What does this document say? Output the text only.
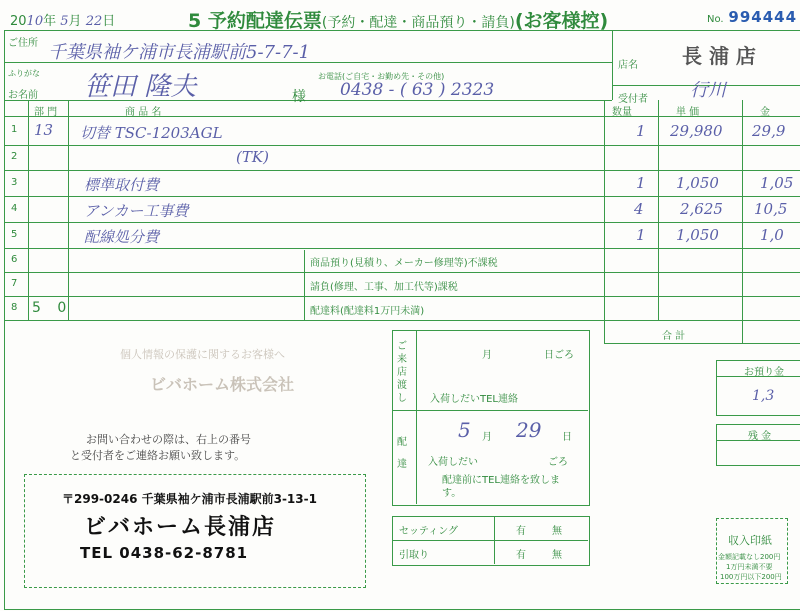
2010年 5月 22日	5 予約配達伝票(予約・配達・商品預り・請負)(お客様控)	No. 994444
ご住所 千葉県袖ケ浦市長浦駅前5-7-7-1
ふりがな
お名前 笹田 隆夫	様
お電話(ご自宅・お勤め先・その他)
0438 - ( 63 ) 2323
店名 長 浦 店
受付者 行川
部 門	商 品 名	数量	単 価	金
1 13 切替 TSC-1203AGL	1 29,980 29,9
2	(TK)
3	標準取付費	1 1,050	1,05
4	アンカー工事費	4 2,625 10,5
5	配線処分費	1 1,050	1,0
6	商品預り(見積り、メーカー修理等)不課税
7	請負(修理、工事、加工代等)課税
8 5 0	配達料(配達料1万円未満)
合 計
お預り金
1,3
残 金
ご来店渡し
月	日ごろ
入荷しだいTEL連絡
配達
5 月 29 日
入荷しだい	ごろ
配達前にTEL連絡を致します。
セッティング	有	無
引取り	有	無
個人情報の保護に関するお客様へ
ビバホーム株式会社
お問い合わせの際は、右上の番号
と受付者をご連絡お願い致します。
〒299-0246 千葉県袖ケ浦市長浦駅前3-13-1
ビバホーム長浦店
TEL 0438-62-8781
収入印紙
金額記載なし200円
1万円未満不要
100万円以下200円
